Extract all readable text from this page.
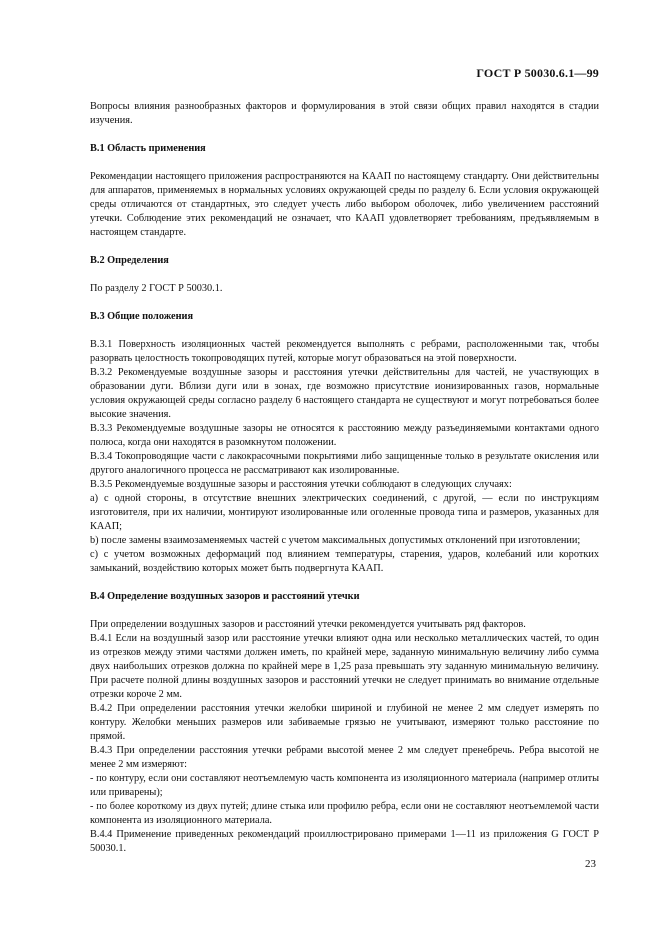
ГОСТ Р 50030.6.1—99

Вопросы влияния разнообразных факторов и формулирования в этой связи общих правил находятся в стадии изучения.

В.1 Область применения

Рекомендации настоящего приложения распространяются на КААП по настоящему стандарту. Они действительны для аппаратов, применяемых в нормальных условиях окружающей среды по разделу 6. Если условия окружающей среды отличаются от стандартных, это следует учесть либо выбором оболочек, либо увеличением расстояний утечки. Соблюдение этих рекомендаций не означает, что КААП удовлетворяет требованиям, предъявляемым в настоящем стандарте.

В.2 Определения

По разделу 2 ГОСТ Р 50030.1.

В.3 Общие положения

В.3.1 Поверхность изоляционных частей рекомендуется выполнять с ребрами, расположенными так, чтобы разорвать целостность токопроводящих путей, которые могут образоваться на этой поверхности.

В.3.2 Рекомендуемые воздушные зазоры и расстояния утечки действительны для частей, не участвующих в образовании дуги. Вблизи дуги или в зонах, где возможно присутствие ионизированных газов, нормальные условия окружающей среды согласно разделу 6 настоящего стандарта не существуют и могут потребоваться более высокие значения.

В.3.3 Рекомендуемые воздушные зазоры не относятся к расстоянию между разъединяемыми контактами одного полюса, когда они находятся в разомкнутом положении.

В.3.4 Токопроводящие части с лакокрасочными покрытиями либо защищенные только в результате окисления или другого аналогичного процесса не рассматривают как изолированные.

В.3.5 Рекомендуемые воздушные зазоры и расстояния утечки соблюдают в следующих случаях:

а) с одной стороны, в отсутствие внешних электрических соединений, с другой, — если по инструкциям изготовителя, при их наличии, монтируют изолированные или оголенные провода типа и размеров, указанных для КААП;

b) после замены взаимозаменяемых частей с учетом максимальных допустимых отклонений при изготовлении;

с) с учетом возможных деформаций под влиянием температуры, старения, ударов, колебаний или коротких замыканий, воздействию которых может быть подвергнута КААП.

В.4 Определение воздушных зазоров и расстояний утечки

При определении воздушных зазоров и расстояний утечки рекомендуется учитывать ряд факторов.

В.4.1 Если на воздушный зазор или расстояние утечки влияют одна или несколько металлических частей, то один из отрезков между этими частями должен иметь, по крайней мере, заданную минимальную величину либо сумма двух наибольших отрезков должна по крайней мере в 1,25 раза превышать эту заданную минимальную величину. При расчете полной длины воздушных зазоров и расстояний утечки не следует принимать во внимание отдельные отрезки короче 2 мм.

В.4.2 При определении расстояния утечки желобки шириной и глубиной не менее 2 мм следует измерять по контуру. Желобки меньших размеров или забиваемые грязью не учитывают, измеряют только расстояние по прямой.

В.4.3 При определении расстояния утечки ребрами высотой менее 2 мм следует пренебречь. Ребра высотой не менее 2 мм измеряют:

- по контуру, если они составляют неотъемлемую часть компонента из изоляционного материала (например отлиты или приварены);

- по более короткому из двух путей; длине стыка или профилю ребра, если они не составляют неотъемлемой части компонента из изоляционного материала.

В.4.4 Применение приведенных рекомендаций проиллюстрировано примерами 1—11 из приложения G ГОСТ Р 50030.1.

23
